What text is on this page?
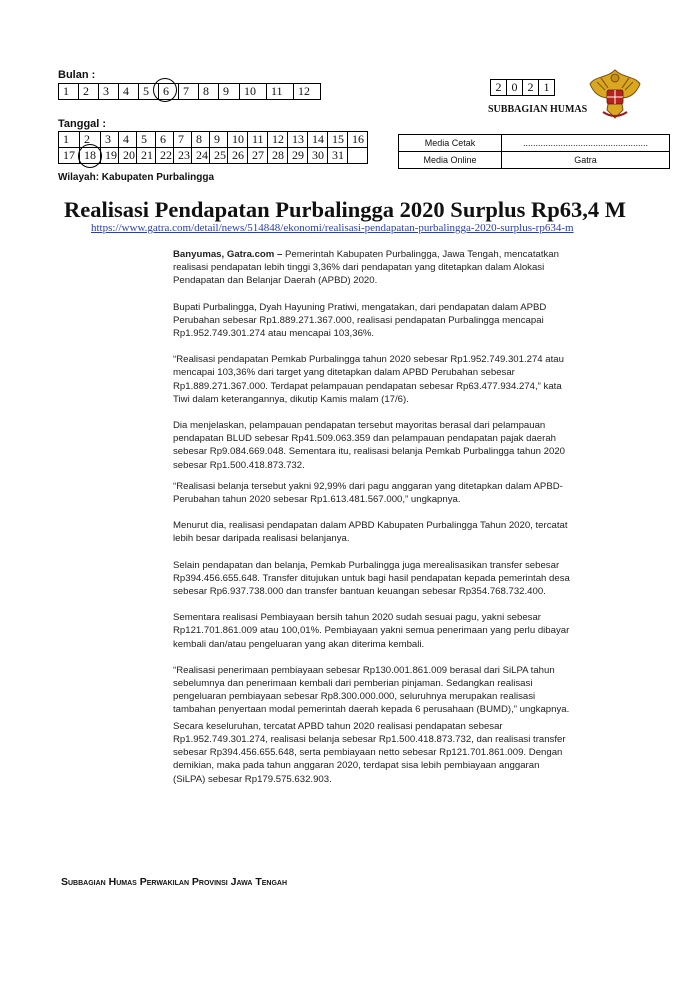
Bulan :
1	2	3	4	5	6	7	8	9	10	11	12	2	0	2	1
SUBBAGIAN HUMAS
Tanggal :
1	2	3	4	5	6	7	8	9	10	11	12	13	14	15	16
17	18	19	20	21	22	23	24	25	26	27	28	29	30	31	
Media Cetak	..................................................
Media Online	Gatra
Wilayah: Kabupaten Purbalingga
Realisasi Pendapatan Purbalingga 2020 Surplus Rp63,4 M
https://www.gatra.com/detail/news/514848/ekonomi/realisasi-pendapatan-purbalingga-2020-surplus-rp634-m

Banyumas, Gatra.com – Pemerintah Kabupaten Purbalingga, Jawa Tengah, mencatatkan realisasi pendapatan lebih tinggi 3,36% dari pendapatan yang ditetapkan dalam Alokasi Pendapatan dan Belanjar Daerah (APBD) 2020.

Bupati Purbalingga, Dyah Hayuning Pratiwi, mengatakan, dari pendapatan dalam APBD Perubahan sebesar Rp1.889.271.367.000, realisasi pendapatan Purbalingga mencapai Rp1.952.749.301.274 atau mencapai 103,36%.

“Realisasi pendapatan Pemkab Purbalingga tahun 2020 sebesar Rp1.952.749.301.274 atau mencapai 103,36% dari target yang ditetapkan dalam APBD Perubahan sebesar Rp1.889.271.367.000. Terdapat pelampauan pendapatan sebesar Rp63.477.934.274,” kata Tiwi dalam keterangannya, dikutip Kamis malam (17/6).

Dia menjelaskan, pelampauan pendapatan tersebut mayoritas berasal dari pelampauan pendapatan BLUD sebesar Rp41.509.063.359 dan pelampauan pendapatan pajak daerah sebesar Rp9.084.669.048. Sementara itu, realisasi belanja Pemkab Purbalingga tahun 2020 sebesar Rp1.500.418.873.732.

“Realisasi belanja tersebut yakni 92,99% dari pagu anggaran yang ditetapkan dalam APBD-Perubahan tahun 2020 sebesar Rp1.613.481.567.000,” ungkapnya.

Menurut dia, realisasi pendapatan dalam APBD Kabupaten Purbalingga Tahun 2020, tercatat lebih besar daripada realisasi belanjanya.

Selain pendapatan dan belanja, Pemkab Purbalingga juga merealisasikan transfer sebesar Rp394.456.655.648. Transfer ditujukan untuk bagi hasil pendapatan kepada pemerintah desa sebesar Rp6.937.738.000 dan transfer bantuan keuangan sebesar Rp354.768.732.400.

Sementara realisasi Pembiayaan bersih tahun 2020 sudah sesuai pagu, yakni sebesar Rp121.701.861.009 atau 100,01%. Pembiayaan yakni semua penerimaan yang perlu dibayar kembali dan/atau pengeluaran yang akan diterima kembali.

“Realisasi penerimaan pembiayaan sebesar Rp130.001.861.009 berasal dari SiLPA tahun sebelumnya dan penerimaan kembali dari pemberian pinjaman. Sedangkan realisasi pengeluaran pembiayaan sebesar Rp8.300.000.000, seluruhnya merupakan realisasi tambahan penyertaan modal pemerintah daerah kepada 6 perusahaan (BUMD),” ungkapnya.

Secara keseluruhan, tercatat APBD tahun 2020 realisasi pendapatan sebesar Rp1.952.749.301.274, realisasi belanja sebesar Rp1.500.418.873.732, dan realisasi transfer sebesar Rp394.456.655.648, serta pembiayaan netto sebesar Rp121.701.861.009. Dengan demikian, maka pada tahun anggaran 2020, terdapat sisa lebih pembiayaan anggaran (SiLPA) sebesar Rp179.575.632.903.

Subbagian Humas Perwakilan Provinsi Jawa Tengah
